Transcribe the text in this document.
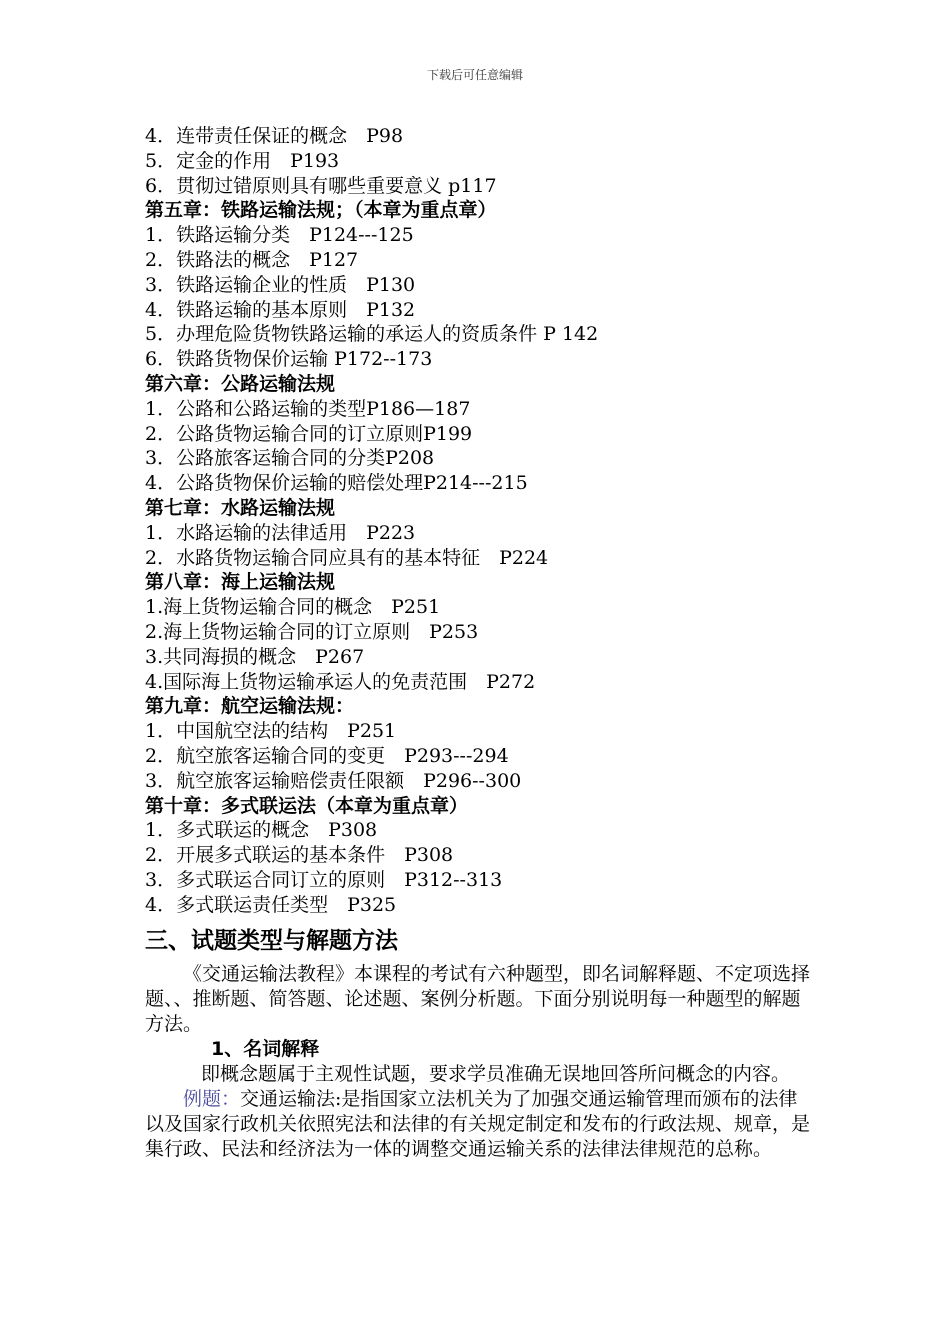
下载后可任意编辑
4．连带责任保证的概念　P98
5．定金的作用　P193
6．贯彻过错原则具有哪些重要意义 p117
第五章：铁路运输法规；（本章为重点章）
1．铁路运输分类　P124---125
2．铁路法的概念　P127
3．铁路运输企业的性质　P130
4．铁路运输的基本原则　P132
5．办理危险货物铁路运输的承运人的资质条件 P 142
6．铁路货物保价运输 P172--173
第六章：公路运输法规
1．公路和公路运输的类型P186—187
2．公路货物运输合同的订立原则P199
3．公路旅客运输合同的分类P208
4．公路货物保价运输的赔偿处理P214---215
第七章：水路运输法规
1．水路运输的法律适用　P223
2．水路货物运输合同应具有的基本特征　P224
第八章：海上运输法规
1.海上货物运输合同的概念　P251
2.海上货物运输合同的订立原则　P253
3.共同海损的概念　P267
4.国际海上货物运输承运人的免责范围　P272
第九章：航空运输法规：
1．中国航空法的结构　P251
2．航空旅客运输合同的变更　P293---294
3．航空旅客运输赔偿责任限额　P296--300
第十章：多式联运法（本章为重点章）
1．多式联运的概念　P308
2．开展多式联运的基本条件　P308
3．多式联运合同订立的原则　P312--313
4．多式联运责任类型　P325
三、试题类型与解题方法
《交通运输法教程》本课程的考试有六种题型，即名词解释题、不定项选择题、、推断题、简答题、论述题、案例分析题。下面分别说明每一种题型的解题方法。
1、名词解释
即概念题属于主观性试题，要求学员准确无误地回答所问概念的内容。
例题：交通运输法:是指国家立法机关为了加强交通运输管理而颁布的法律以及国家行政机关依照宪法和法律的有关规定制定和发布的行政法规、规章，是集行政、民法和经济法为一体的调整交通运输关系的法律法律规范的总称。
